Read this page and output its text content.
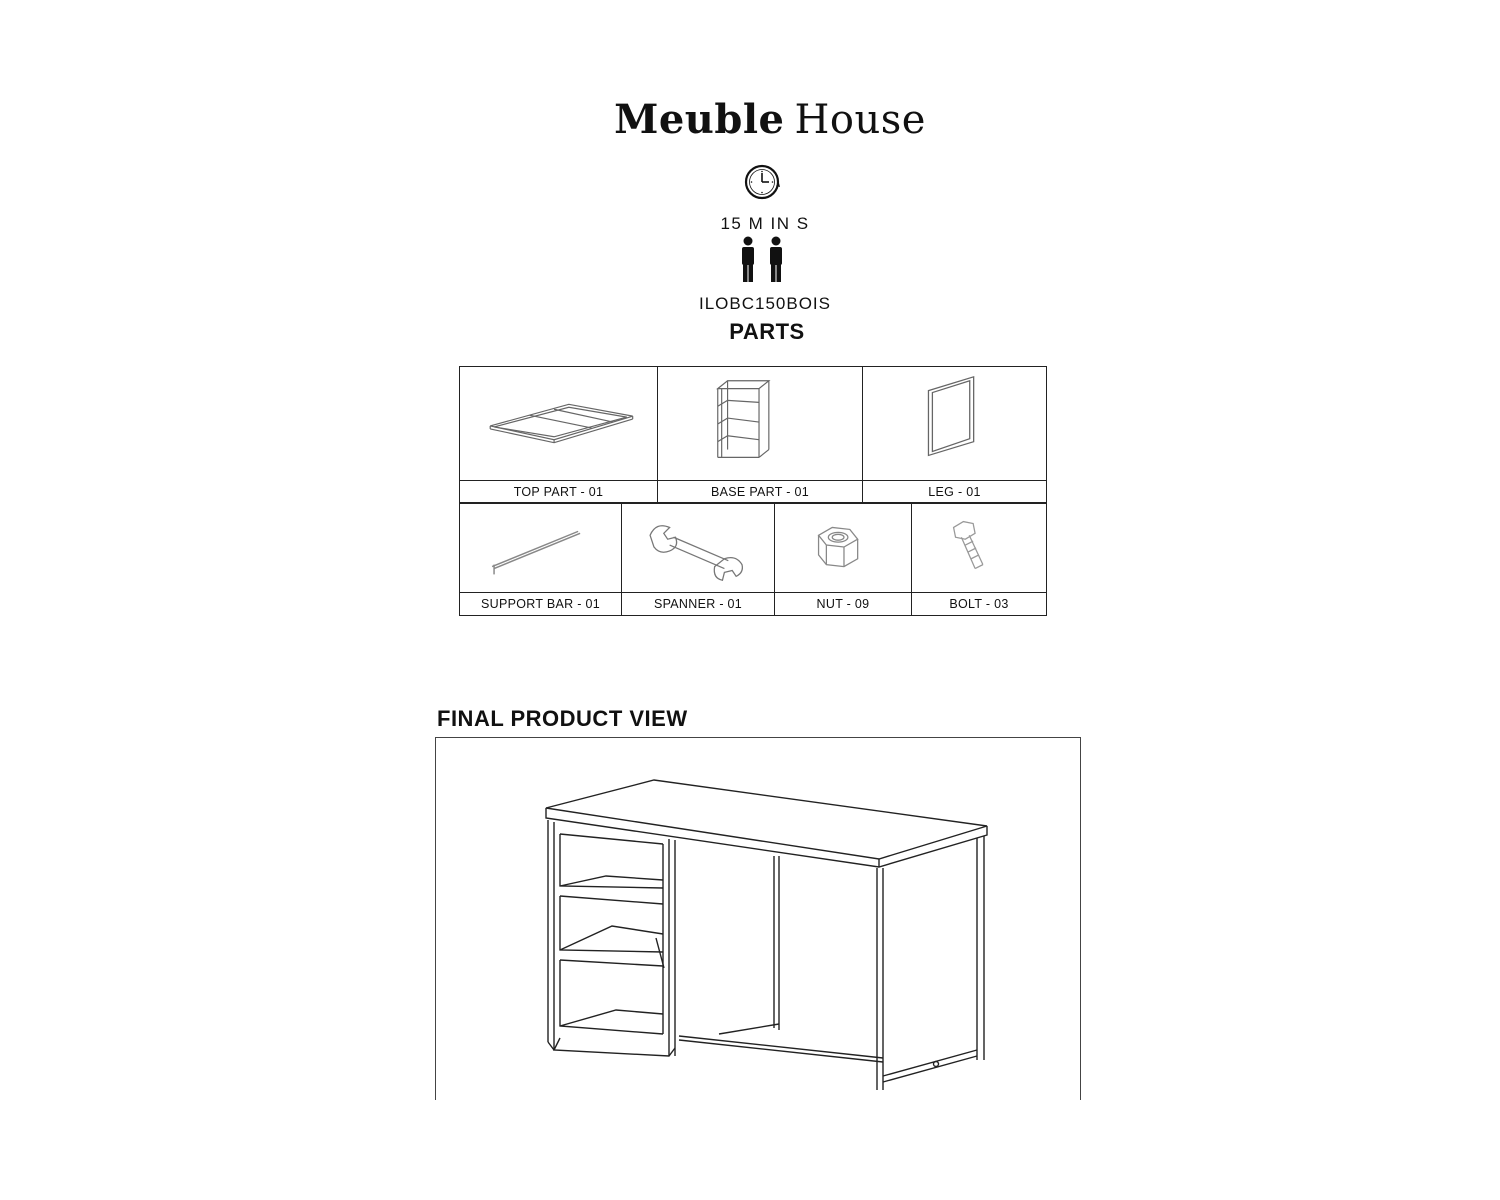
Meuble House
15 M IN S
ILOBC150BOIS
PARTS
TOP PART - 01	BASE PART - 01	LEG - 01
SUPPORT BAR - 01	SPANNER - 01	NUT - 09	BOLT - 03
FINAL PRODUCT VIEW
